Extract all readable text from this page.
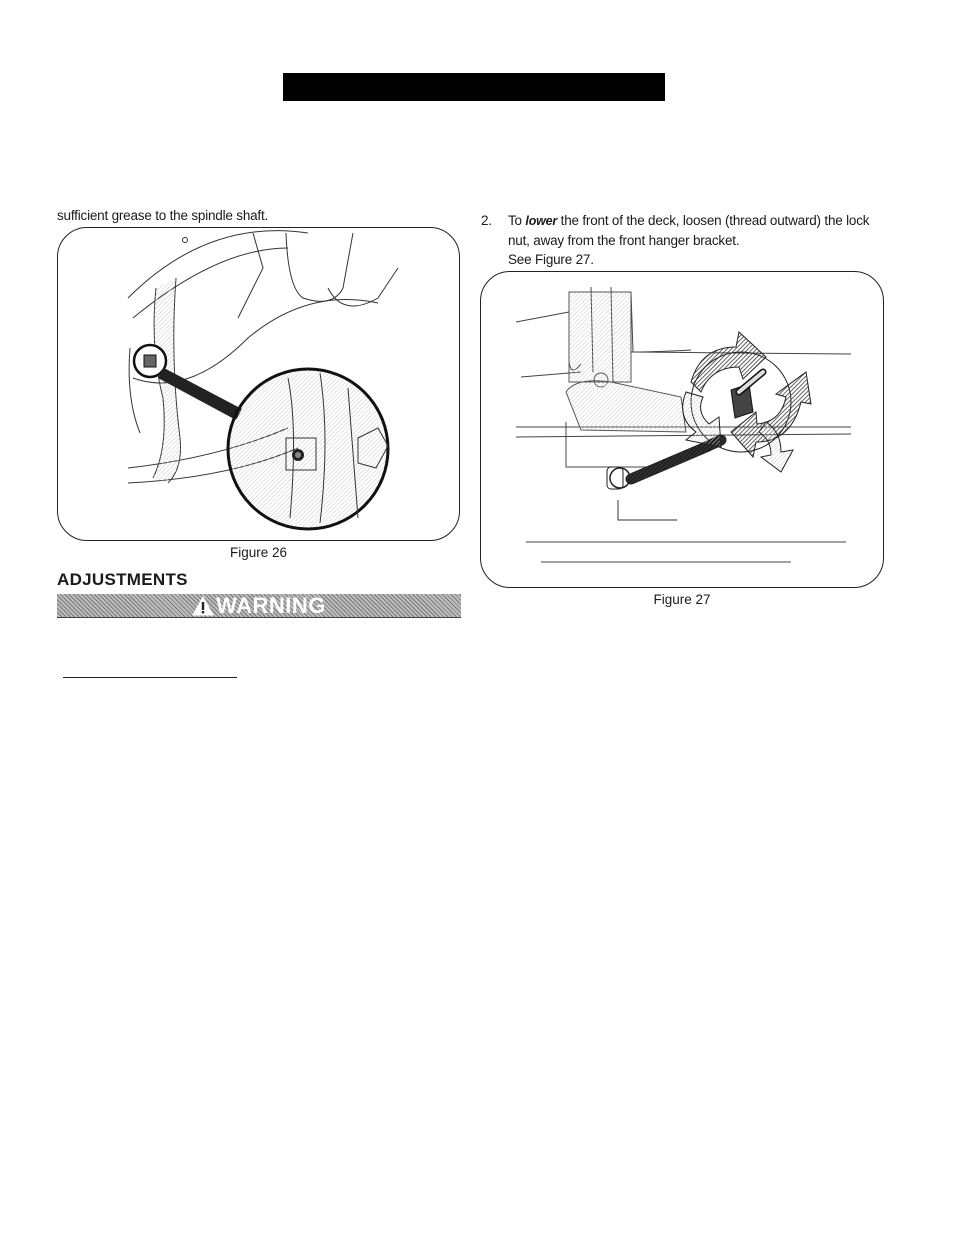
sufficient grease to the spindle shaft.	2. To lower the front of the deck, loosen (thread outward) the lock
nut, away from the front hanger bracket.
See Figure 27.
Figure 26
Figure 27
ADJUSTMENTS
WARNING
